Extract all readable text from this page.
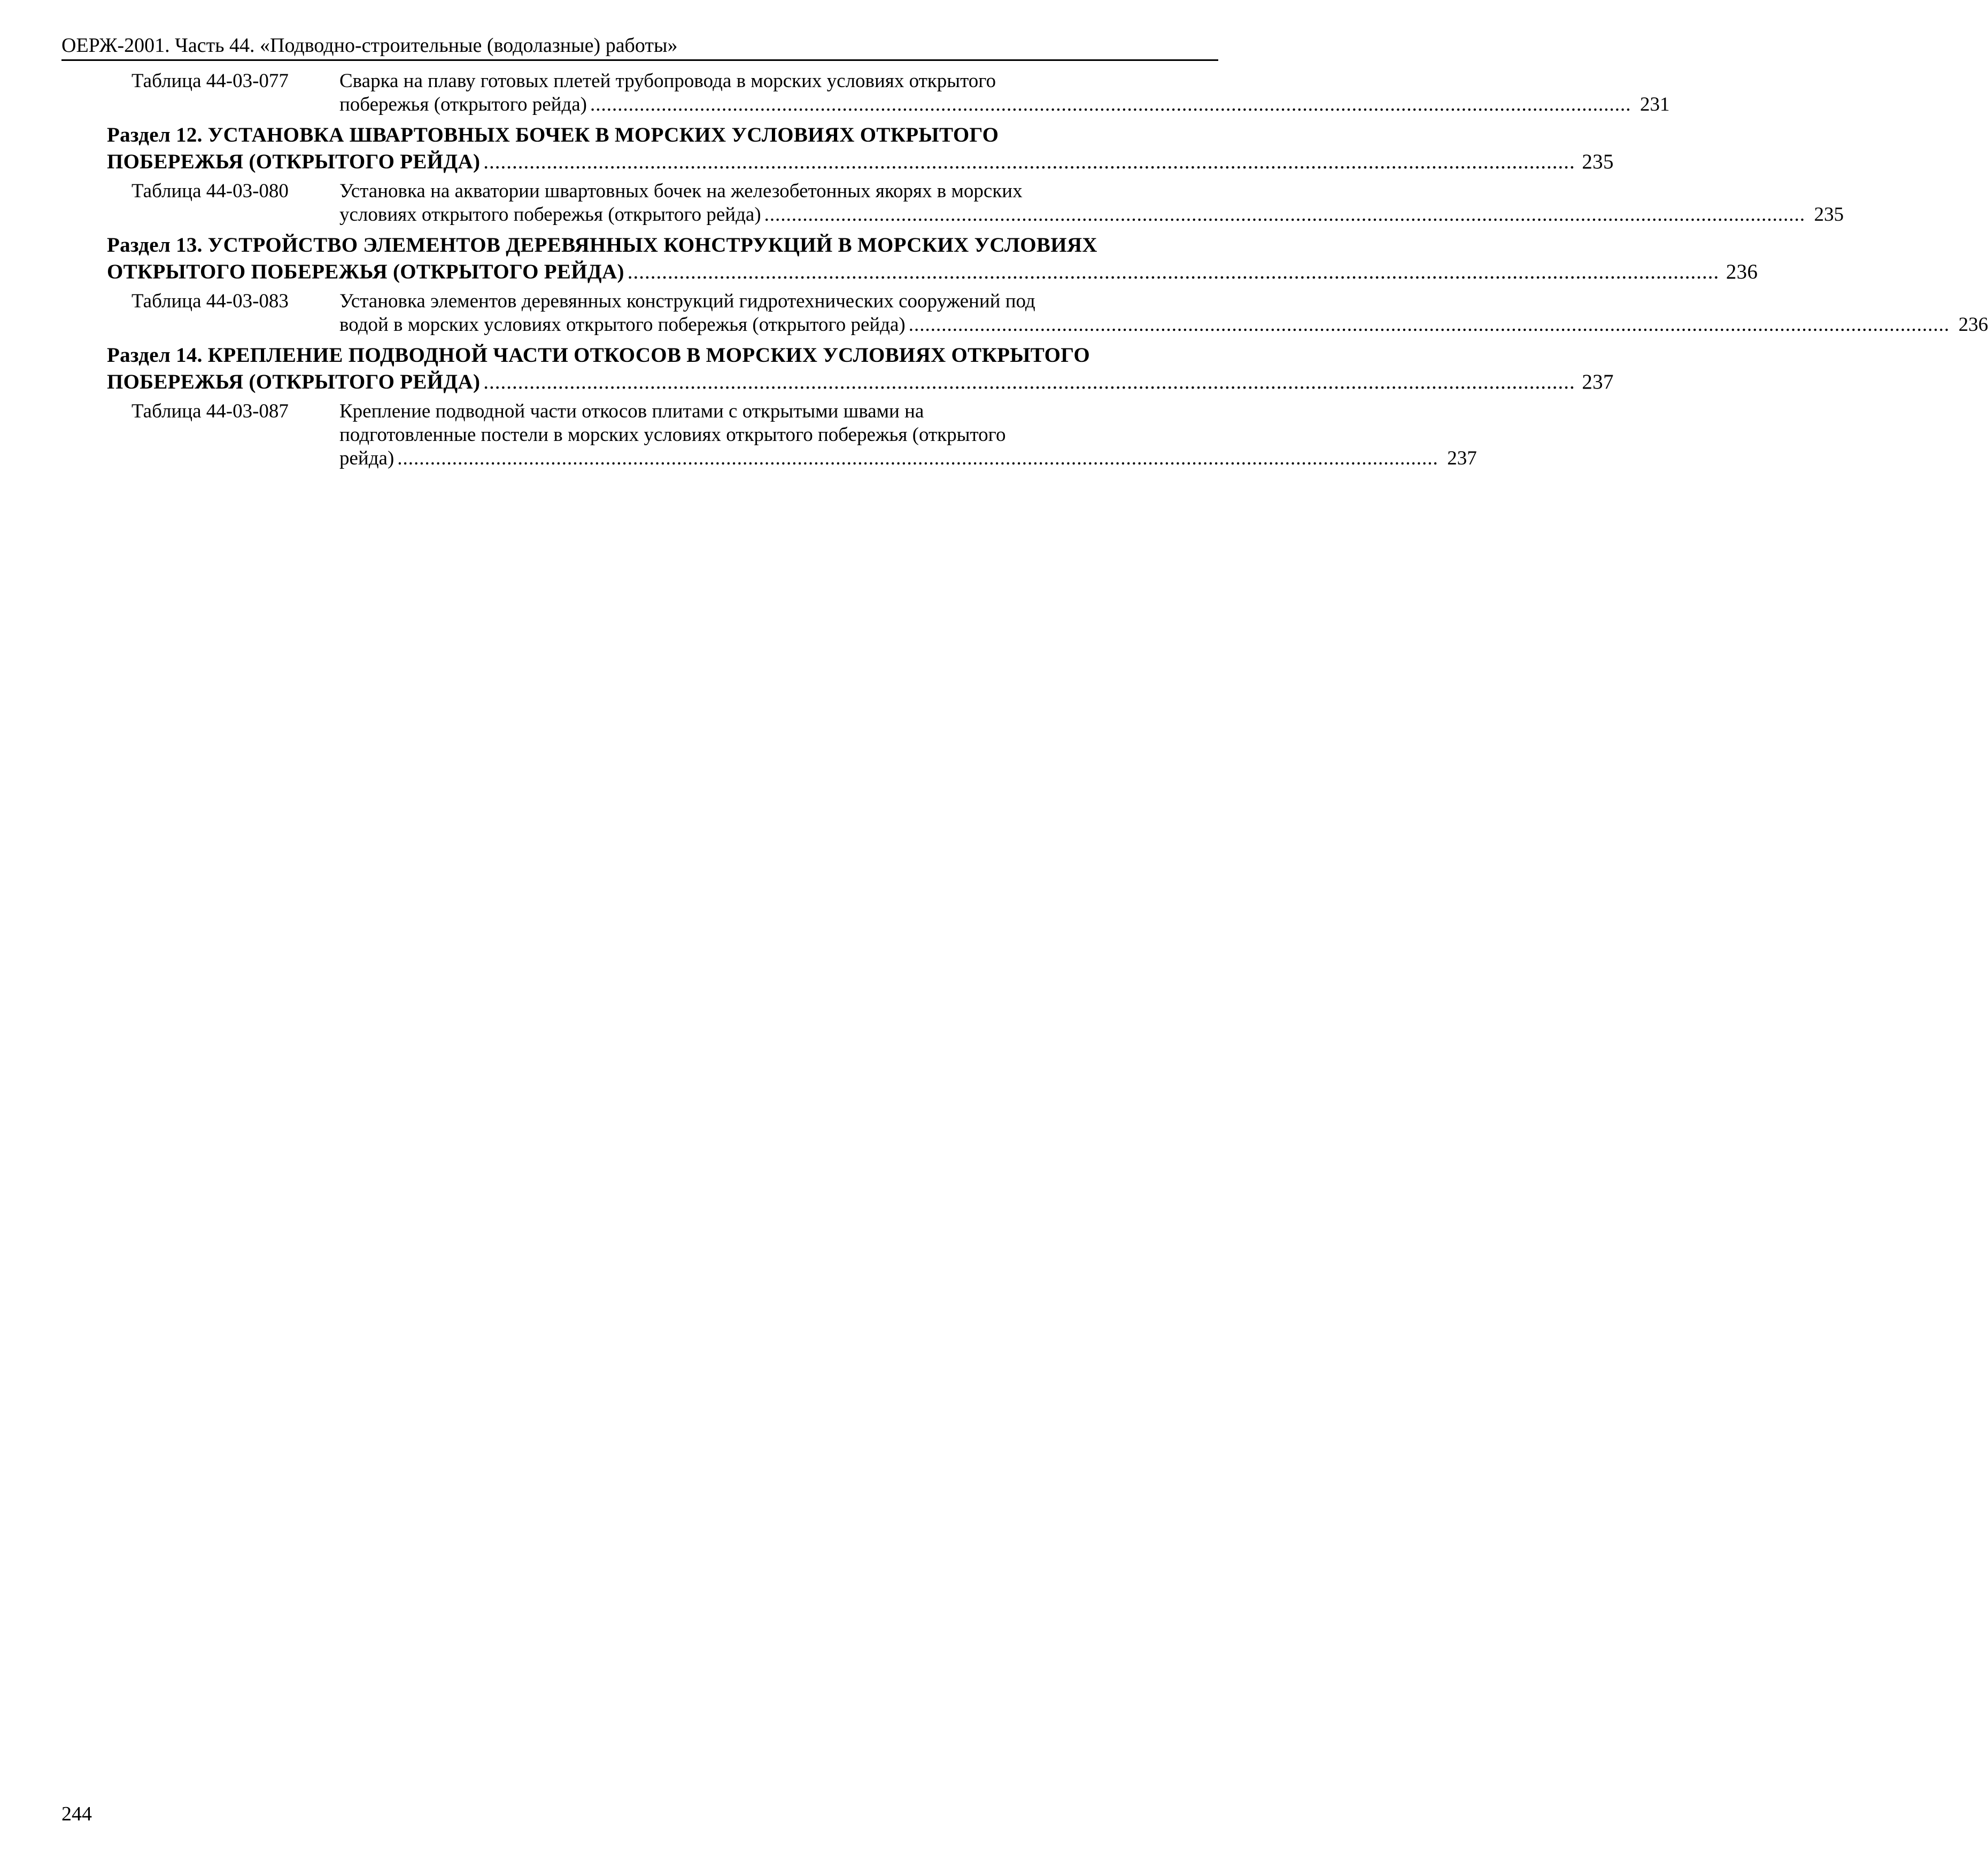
ОЕРЖ-2001. Часть 44. «Подводно-строительные (водолазные) работы»
Таблица 44-03-077	Сварка на плаву готовых плетей трубопровода в морских условиях открытого
побережья (открытого рейда) .............................................................................................................................................................................................. 231
Раздел 12. УСТАНОВКА ШВАРТОВНЫХ БОЧЕК В МОРСКИХ УСЛОВИЯХ ОТКРЫТОГО
ПОБЕРЕЖЬЯ (ОТКРЫТОГО РЕЙДА) .............................................................................................................................................................................................. 235
Таблица 44-03-080	Установка на акватории швартовных бочек на железобетонных якорях в морских
условиях открытого побережья (открытого рейда) .............................................................................................................................................................................................. 235
Раздел 13. УСТРОЙСТВО ЭЛЕМЕНТОВ ДЕРЕВЯННЫХ КОНСТРУКЦИЙ В МОРСКИХ УСЛОВИЯХ
ОТКРЫТОГО ПОБЕРЕЖЬЯ (ОТКРЫТОГО РЕЙДА) .............................................................................................................................................................................................. 236
Таблица 44-03-083	Установка элементов деревянных конструкций гидротехнических сооружений под
водой в морских условиях открытого побережья (открытого рейда) .............................................................................................................................................................................................. 236
Раздел 14. КРЕПЛЕНИЕ ПОДВОДНОЙ ЧАСТИ ОТКОСОВ В МОРСКИХ УСЛОВИЯХ ОТКРЫТОГО
ПОБЕРЕЖЬЯ (ОТКРЫТОГО РЕЙДА) .............................................................................................................................................................................................. 237
Таблица 44-03-087	Крепление подводной части откосов плитами с открытыми швами на
подготовленные постели в морских условиях открытого побережья (открытого
рейда) .............................................................................................................................................................................................. 237
244
